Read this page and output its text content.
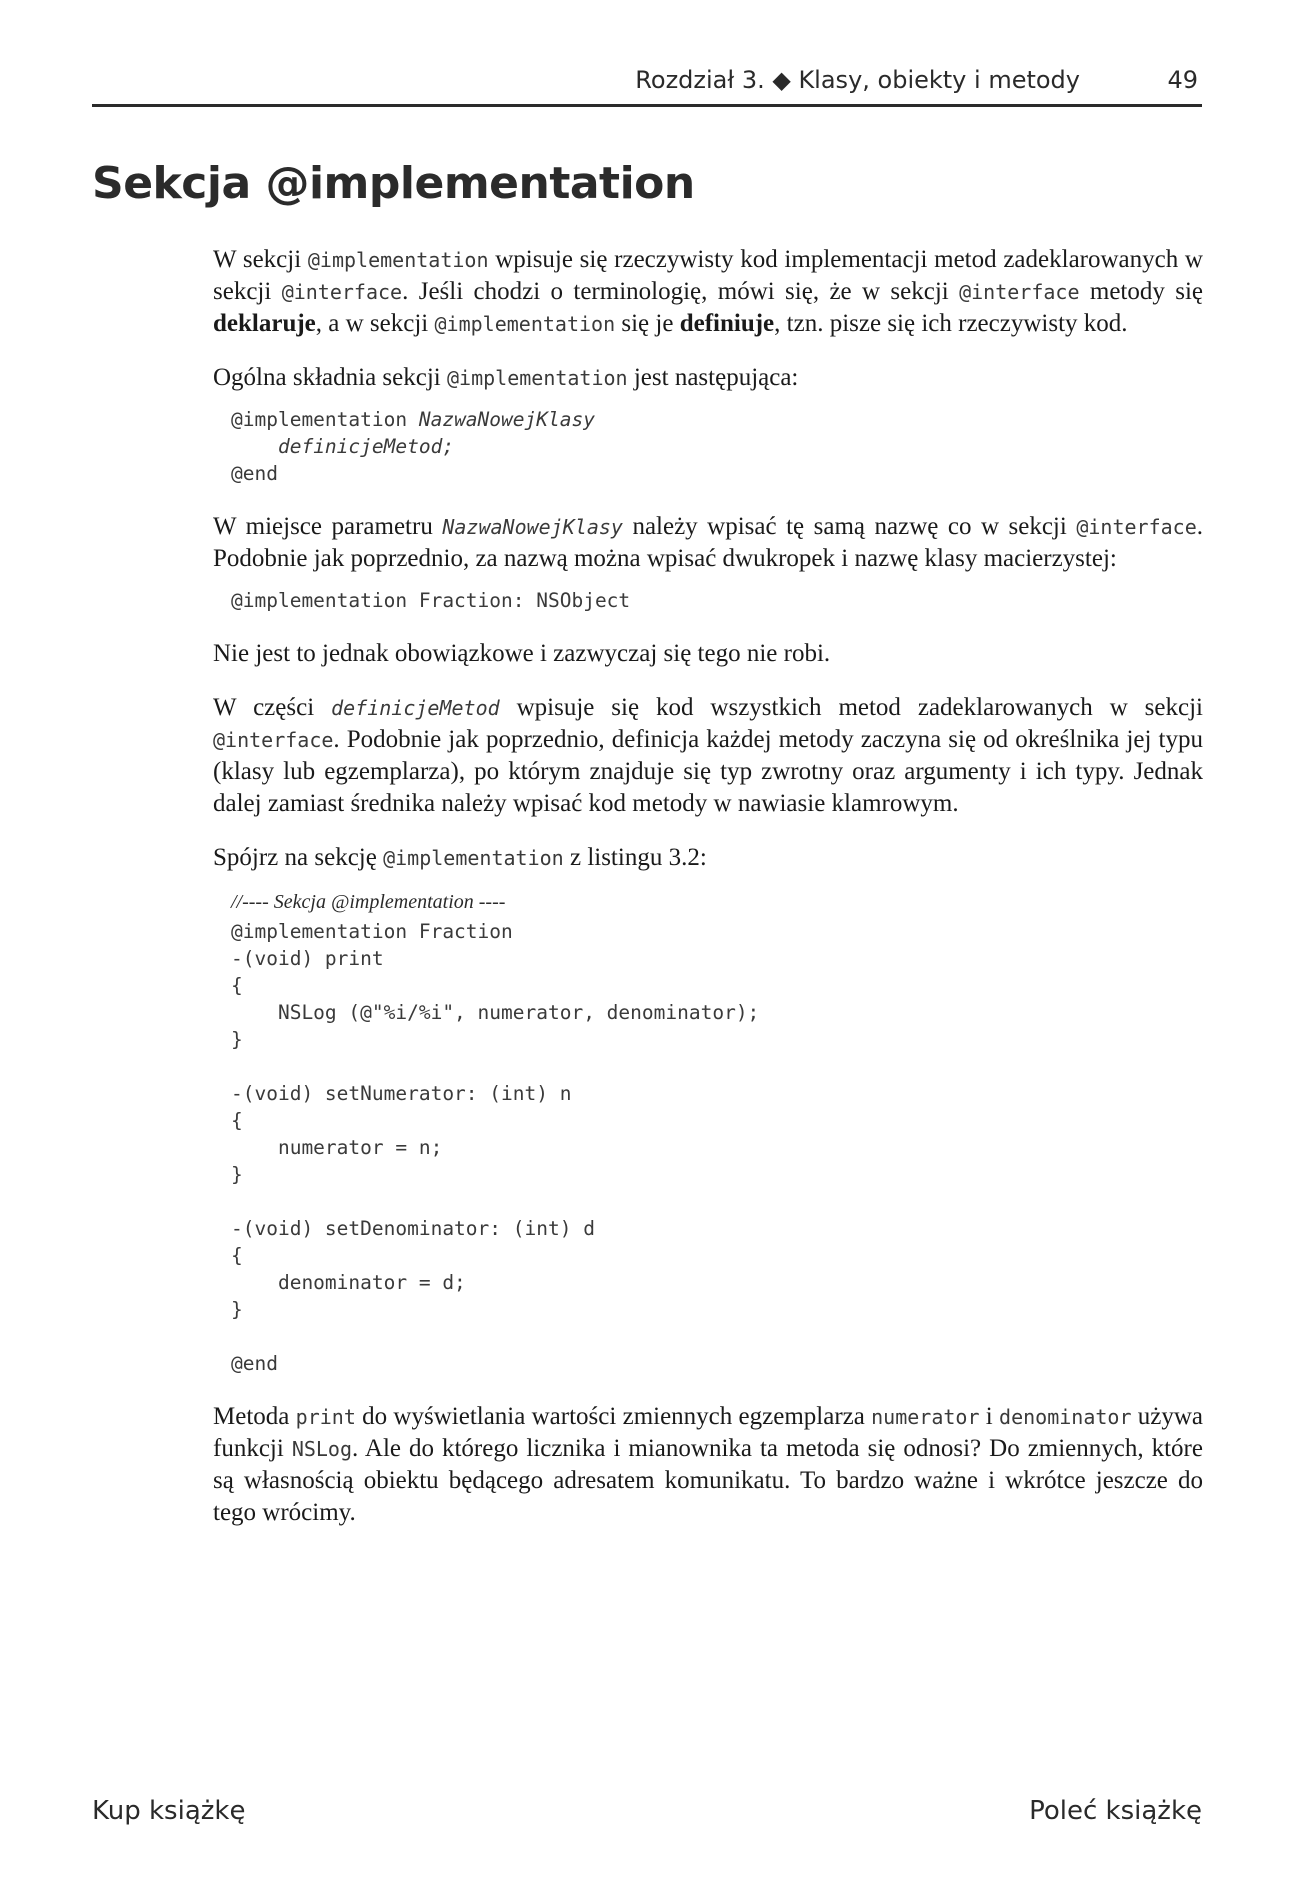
Rozdział 3. ◆ Klasy, obiekty i metody	49
Sekcja @implementation

W sekcji @implementation wpisuje się rzeczywisty kod implementacji metod zadeklarowanych w sekcji @interface. Jeśli chodzi o terminologię, mówi się, że w sekcji @interface metody się deklaruje, a w sekcji @implementation się je definiuje, tzn. pisze się ich rzeczywisty kod.

Ogólna składnia sekcji @implementation jest następująca:

@implementation NazwaNowejKlasy
definicjeMetod;
@end

W miejsce parametru NazwaNowejKlasy należy wpisać tę samą nazwę co w sekcji @interface. Podobnie jak poprzednio, za nazwą można wpisać dwukropek i nazwę klasy macierzystej:

@implementation Fraction: NSObject

Nie jest to jednak obowiązkowe i zazwyczaj się tego nie robi.

W części definicjeMetod wpisuje się kod wszystkich metod zadeklarowanych w sekcji @interface. Podobnie jak poprzednio, definicja każdej metody zaczyna się od określnika jej typu (klasy lub egzemplarza), po którym znajduje się typ zwrotny oraz argumenty i ich typy. Jednak dalej zamiast średnika należy wpisać kod metody w nawiasie klamrowym.

Spójrz na sekcję @implementation z listingu 3.2:

//---- Sekcja @implementation ----
@implementation Fraction
-(void) print
{
NSLog (@"%i/%i", numerator, denominator);
}

-(void) setNumerator: (int) n
{
numerator = n;
}

-(void) setDenominator: (int) d
{
denominator = d;
}

@end

Metoda print do wyświetlania wartości zmiennych egzemplarza numerator i denominator używa funkcji NSLog. Ale do którego licznika i mianownika ta metoda się odnosi? Do zmiennych, które są własnością obiektu będącego adresatem komunikatu. To bardzo ważne i wkrótce jeszcze do tego wrócimy.

Kup książkę	Poleć książkę
